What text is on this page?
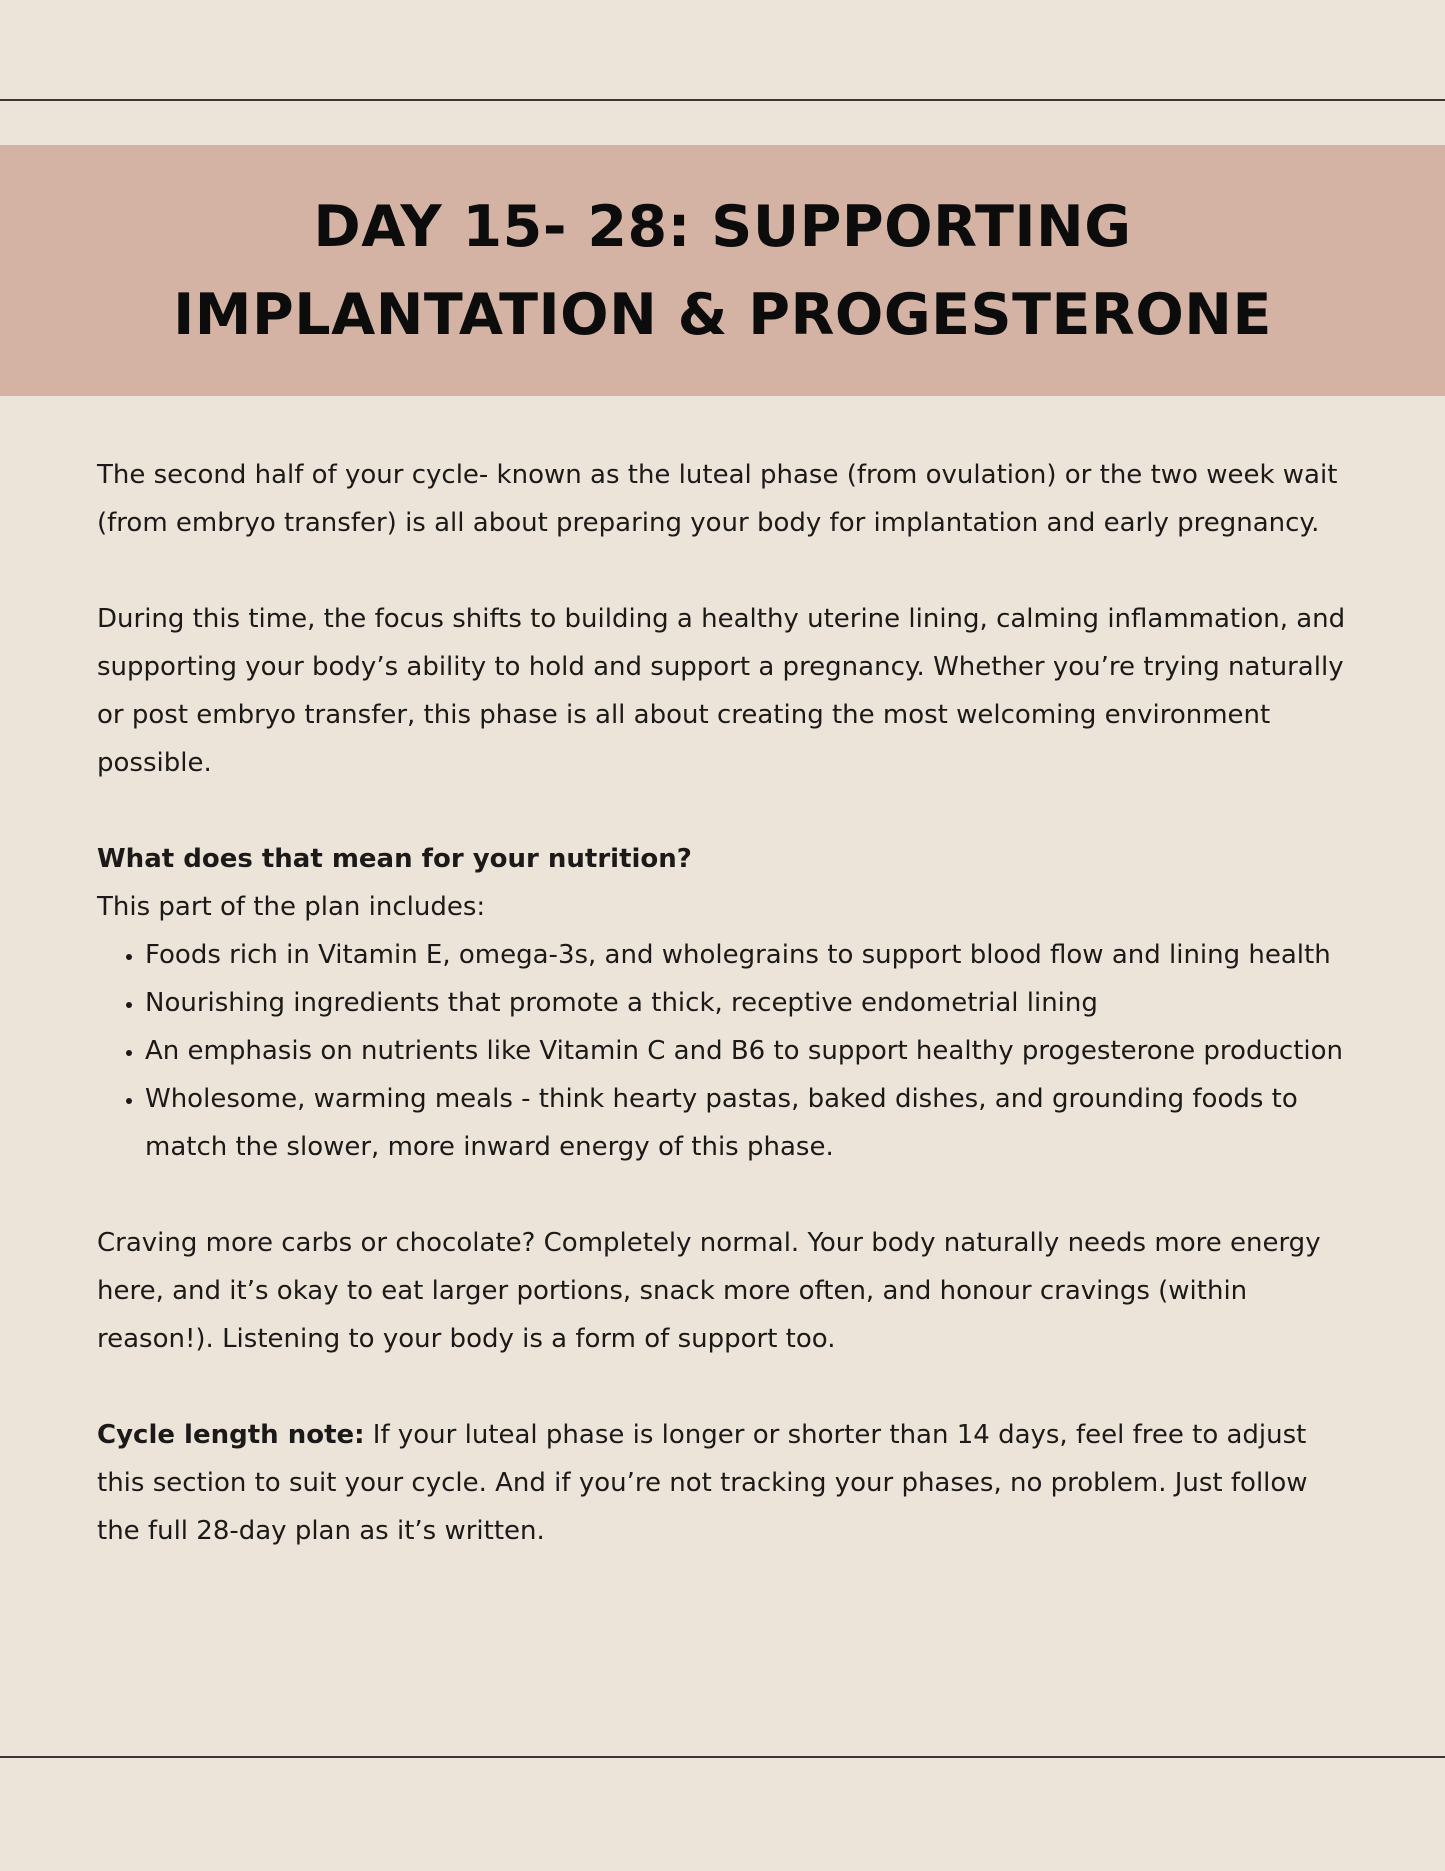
DAY 15- 28: SUPPORTING
IMPLANTATION & PROGESTERONE

The second half of your cycle- known as the luteal phase (from ovulation) or the two week wait (from embryo transfer) is all about preparing your body for implantation and early pregnancy.

During this time, the focus shifts to building a healthy uterine lining, calming inflammation, and supporting your body’s ability to hold and support a pregnancy. Whether you’re trying naturally or post embryo transfer, this phase is all about creating the most welcoming environment possible.

What does that mean for your nutrition?

This part of the plan includes:

• Foods rich in Vitamin E, omega-3s, and wholegrains to support blood flow and lining health
• Nourishing ingredients that promote a thick, receptive endometrial lining
• An emphasis on nutrients like Vitamin C and B6 to support healthy progesterone production
• Wholesome, warming meals - think hearty pastas, baked dishes, and grounding foods to match the slower, more inward energy of this phase.

Craving more carbs or chocolate? Completely normal. Your body naturally needs more energy here, and it’s okay to eat larger portions, snack more often, and honour cravings (within reason!). Listening to your body is a form of support too.

Cycle length note: If your luteal phase is longer or shorter than 14 days, feel free to adjust this section to suit your cycle. And if you’re not tracking your phases, no problem. Just follow the full 28-day plan as it’s written.
